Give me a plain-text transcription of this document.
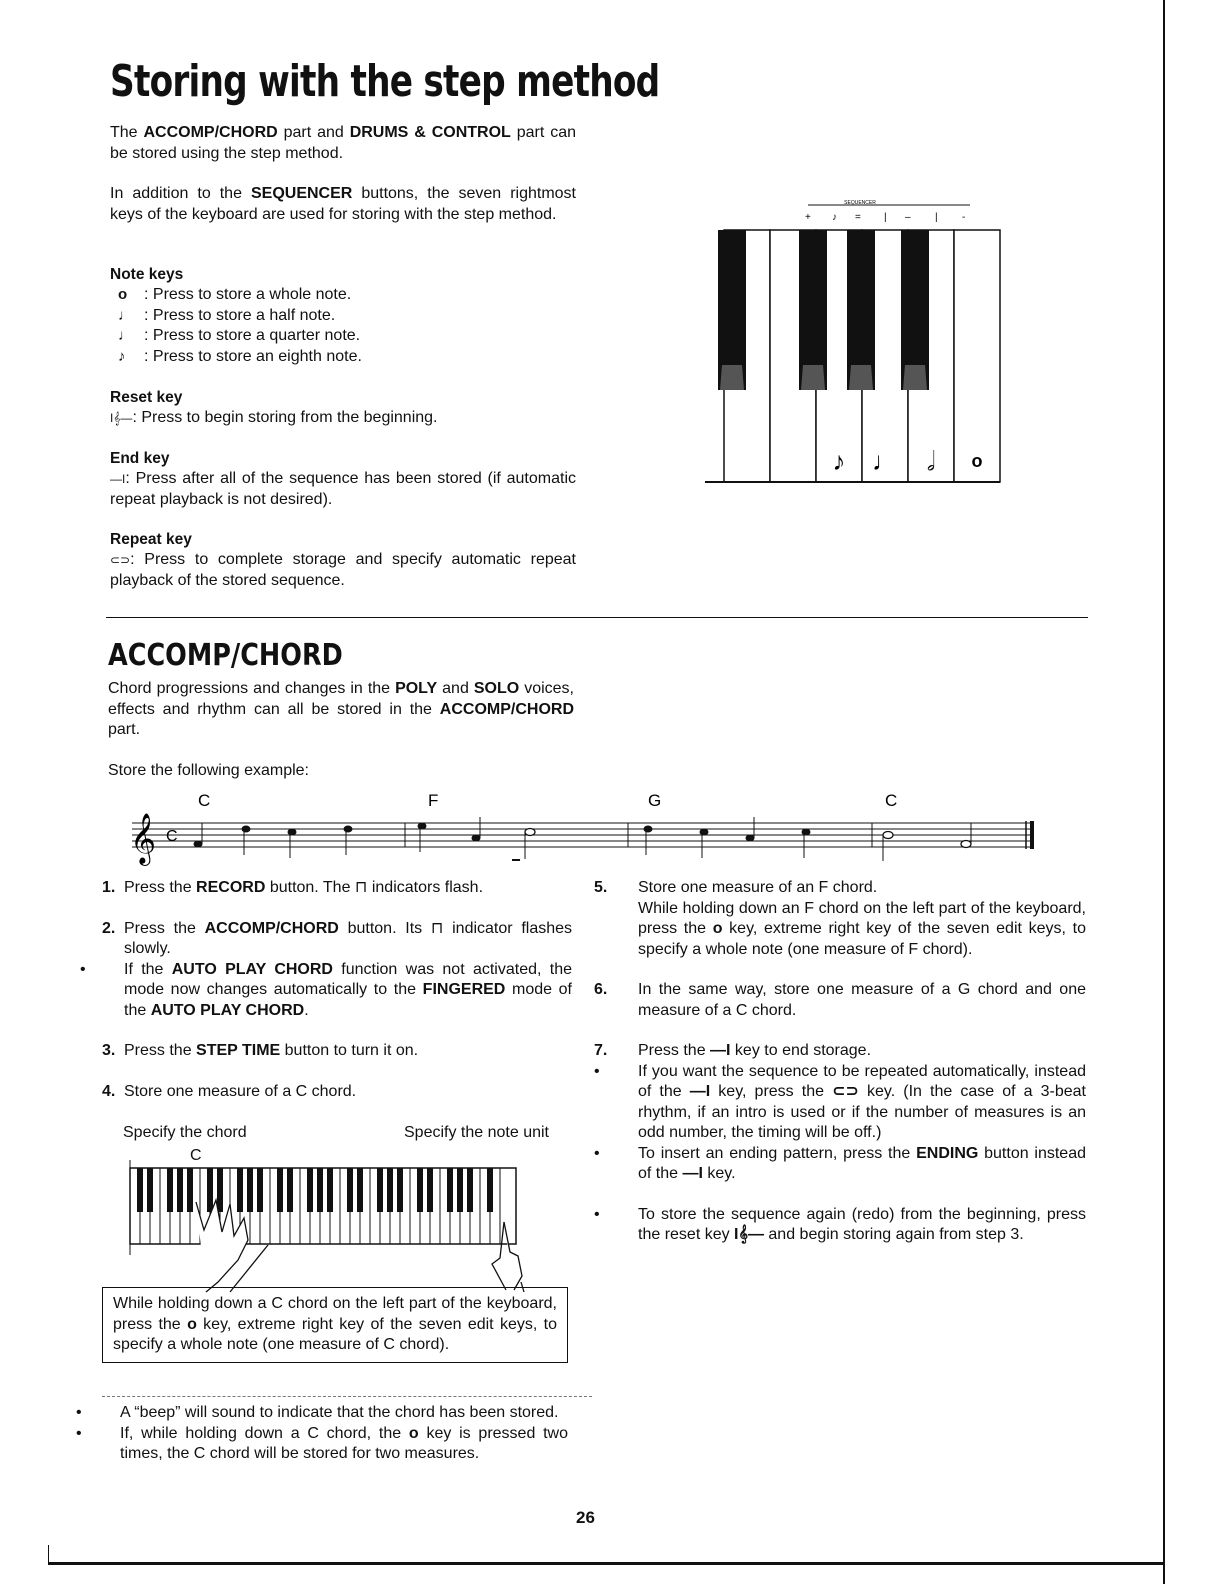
Storing with the step method
The ACCOMP/CHORD part and DRUMS & CONTROL part can be stored using the step method.
In addition to the SEQUENCER buttons, the seven rightmost keys of the keyboard are used for storing with the step method.
Note keys
o : Press to store a whole note.
♩ : Press to store a half note.
♩ : Press to store a quarter note.
♪ : Press to store an eighth note.
Reset key
I𝄞—: Press to begin storing from the beginning.
End key
—I: Press after all of the sequence has been stored (if automatic repeat playback is not desired).
Repeat key
⊂⊃: Press to complete storage and specify automatic repeat playback of the stored sequence.
SEQUENCER
+ ♪ = | – | -
♪ ♩ 𝅗𝅥 o
ACCOMP/CHORD
Chord progressions and changes in the POLY and SOLO voices, effects and rhythm can all be stored in the ACCOMP/CHORD part.
Store the following example:
C	F	G	C
𝄞 C
1. Press the RECORD button. The ⊓ indicators flash.
2. Press the ACCOMP/CHORD button. Its ⊓ indicator flashes slowly.
• If the AUTO PLAY CHORD function was not activated, the mode now changes automatically to the FINGERED mode of the AUTO PLAY CHORD.
3. Press the STEP TIME button to turn it on.
4. Store one measure of a C chord.
Specify the chord	Specify the note unit
C
While holding down a C chord on the left part of the keyboard, press the o key, extreme right key of the seven edit keys, to specify a whole note (one measure of C chord).
• A “beep” will sound to indicate that the chord has been stored.
• If, while holding down a C chord, the o key is pressed two times, the C chord will be stored for two measures.
5. Store one measure of an F chord.
While holding down an F chord on the left part of the keyboard, press the o key, extreme right key of the seven edit keys, to specify a whole note (one measure of F chord).
6. In the same way, store one measure of a G chord and one measure of a C chord.
7. Press the —I key to end storage.
• If you want the sequence to be repeated automatically, instead of the —I key, press the ⊂⊃ key. (In the case of a 3-beat rhythm, if an intro is used or if the number of measures is an odd number, the timing will be off.)
• To insert an ending pattern, press the ENDING button instead of the —I key.
• To store the sequence again (redo) from the beginning, press the reset key I𝄞— and begin storing again from step 3.
26
